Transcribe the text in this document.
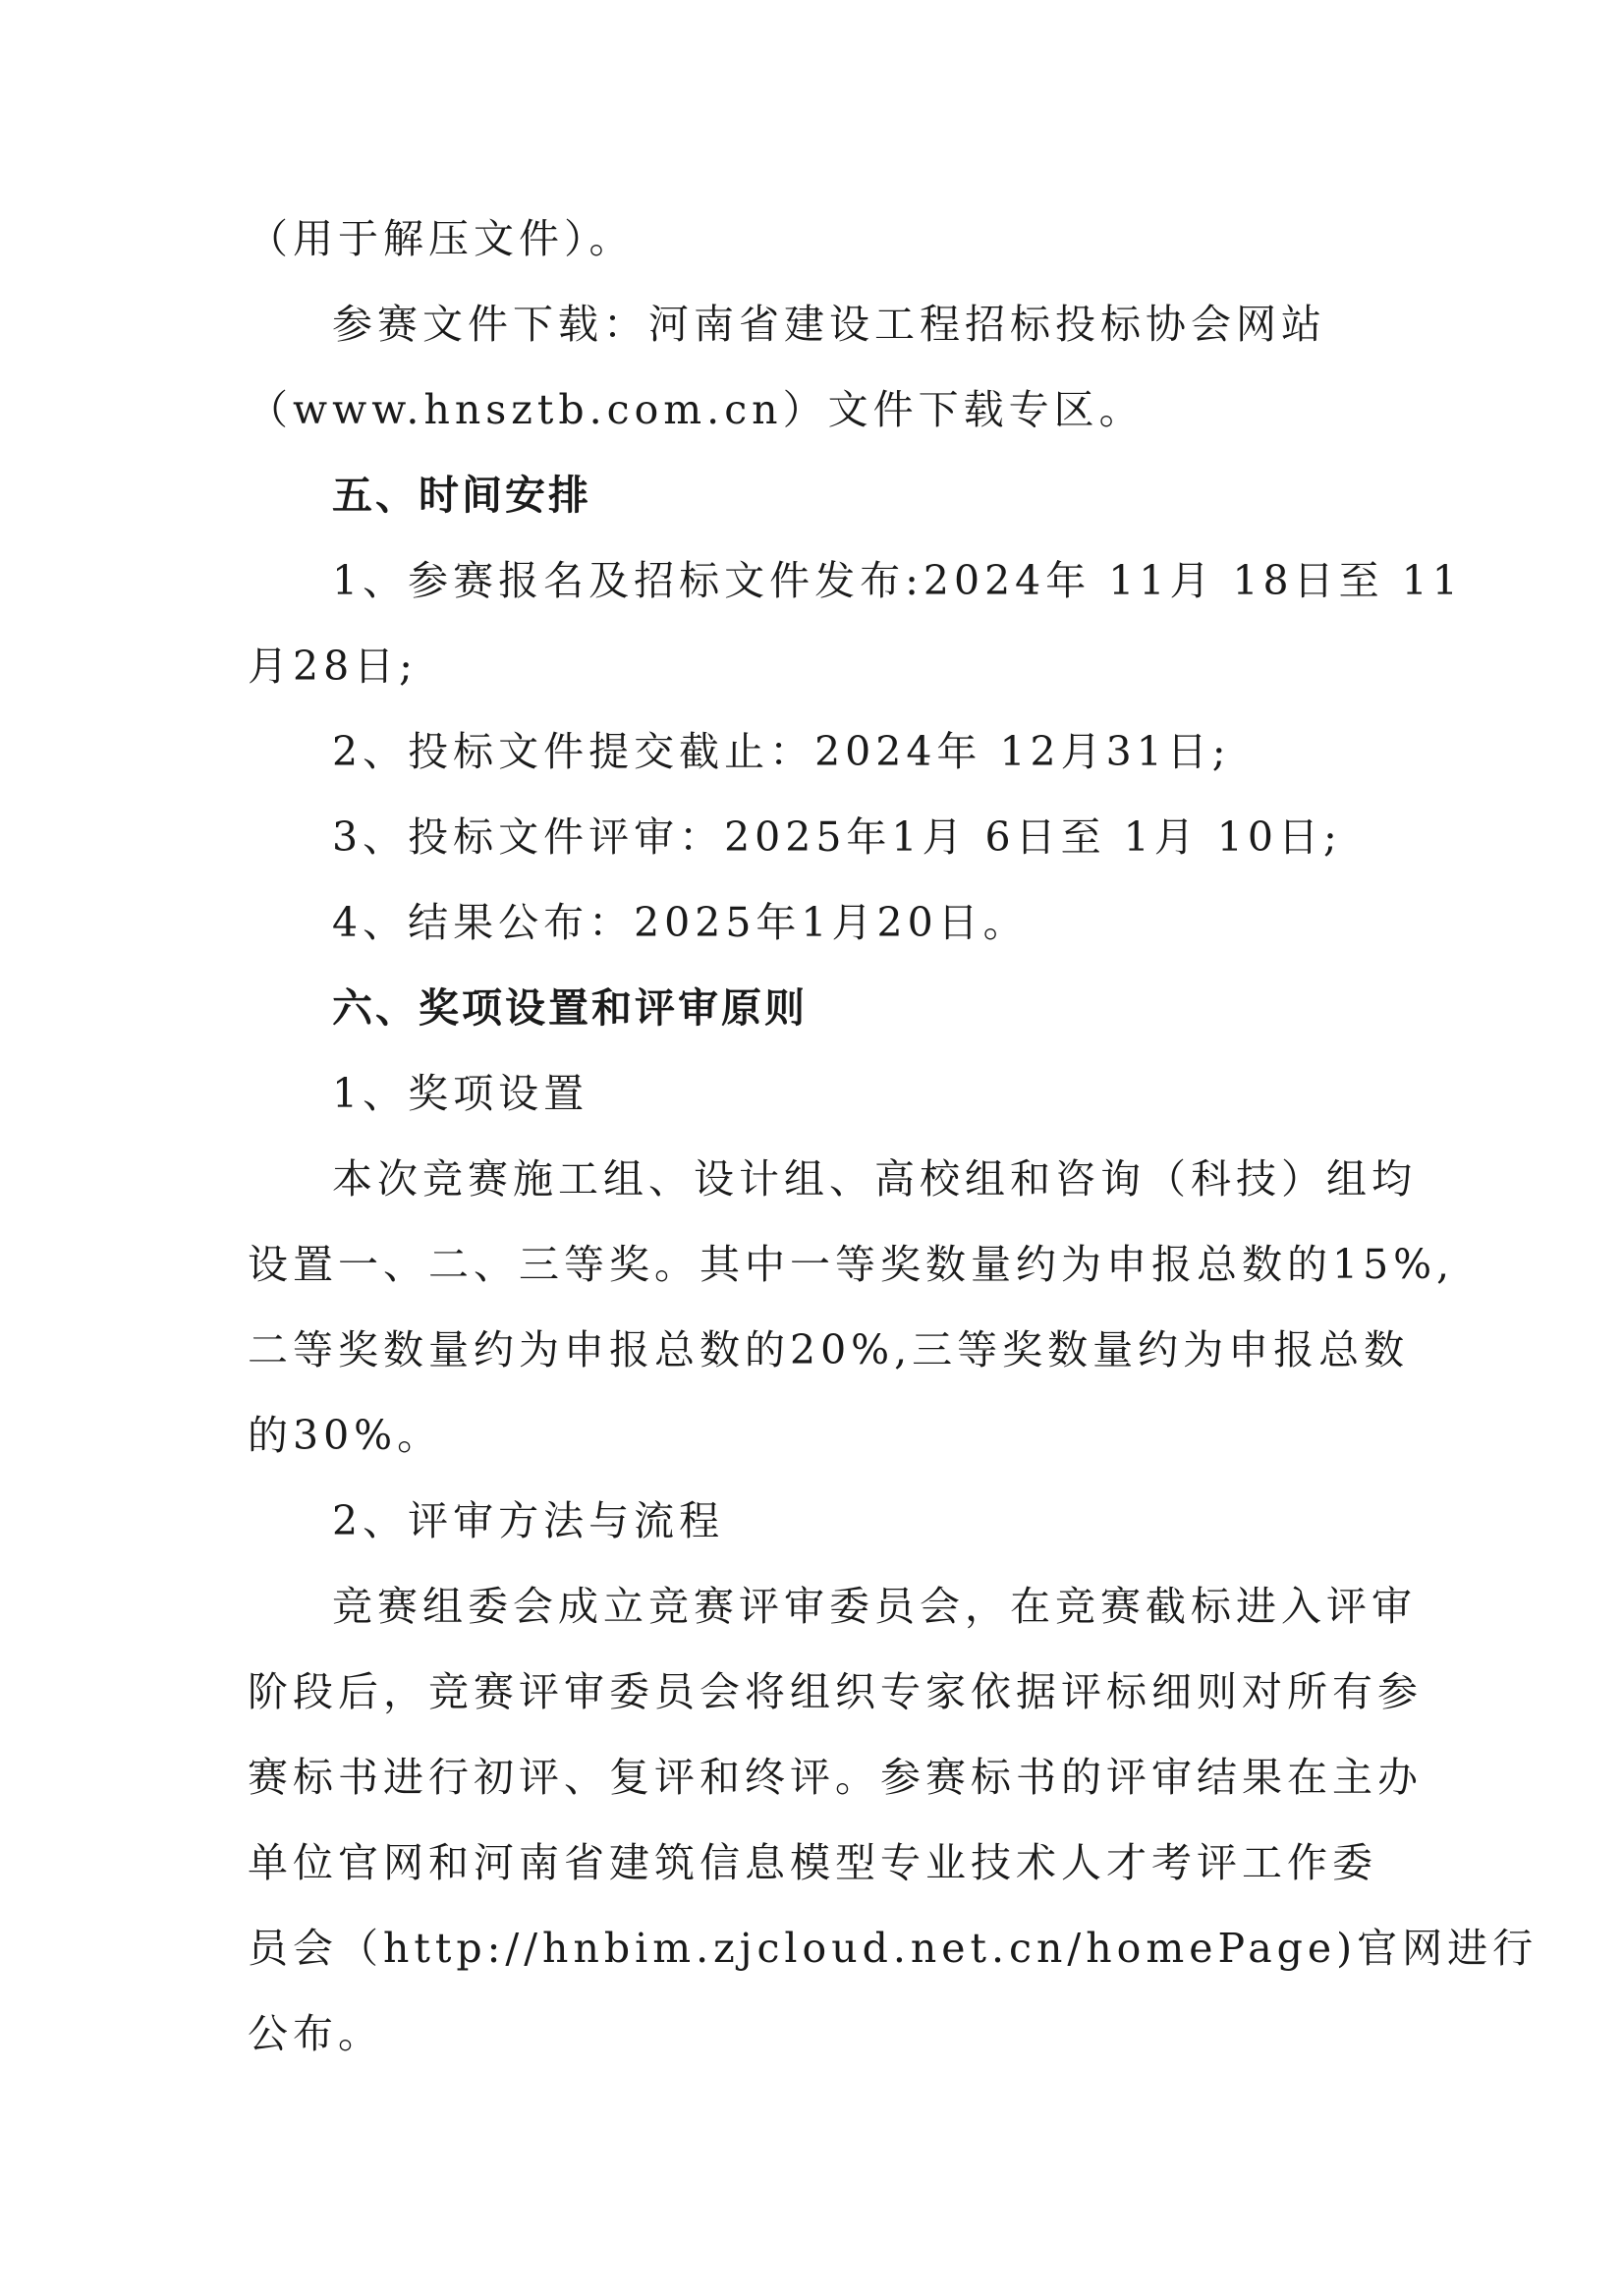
（用于解压文件）。
参赛文件下载：河南省建设工程招标投标协会网站
（www.hnsztb.com.cn）文件下载专区。
五、时间安排
1、参赛报名及招标文件发布:2024年 11月 18日至 11
月28日;
2、投标文件提交截止：2024年 12月31日;
3、投标文件评审：2025年1月 6日至 1月 10日;
4、结果公布：2025年1月20日。
六、奖项设置和评审原则
1、奖项设置
本次竞赛施工组、设计组、高校组和咨询（科技）组均
设置一、二、三等奖。其中一等奖数量约为申报总数的15%,
二等奖数量约为申报总数的20%,三等奖数量约为申报总数
的30%。
2、评审方法与流程
竞赛组委会成立竞赛评审委员会，在竞赛截标进入评审
阶段后，竞赛评审委员会将组织专家依据评标细则对所有参
赛标书进行初评、复评和终评。参赛标书的评审结果在主办
单位官网和河南省建筑信息模型专业技术人才考评工作委
员会（http://hnbim.zjcloud.net.cn/homePage)官网进行
公布。
